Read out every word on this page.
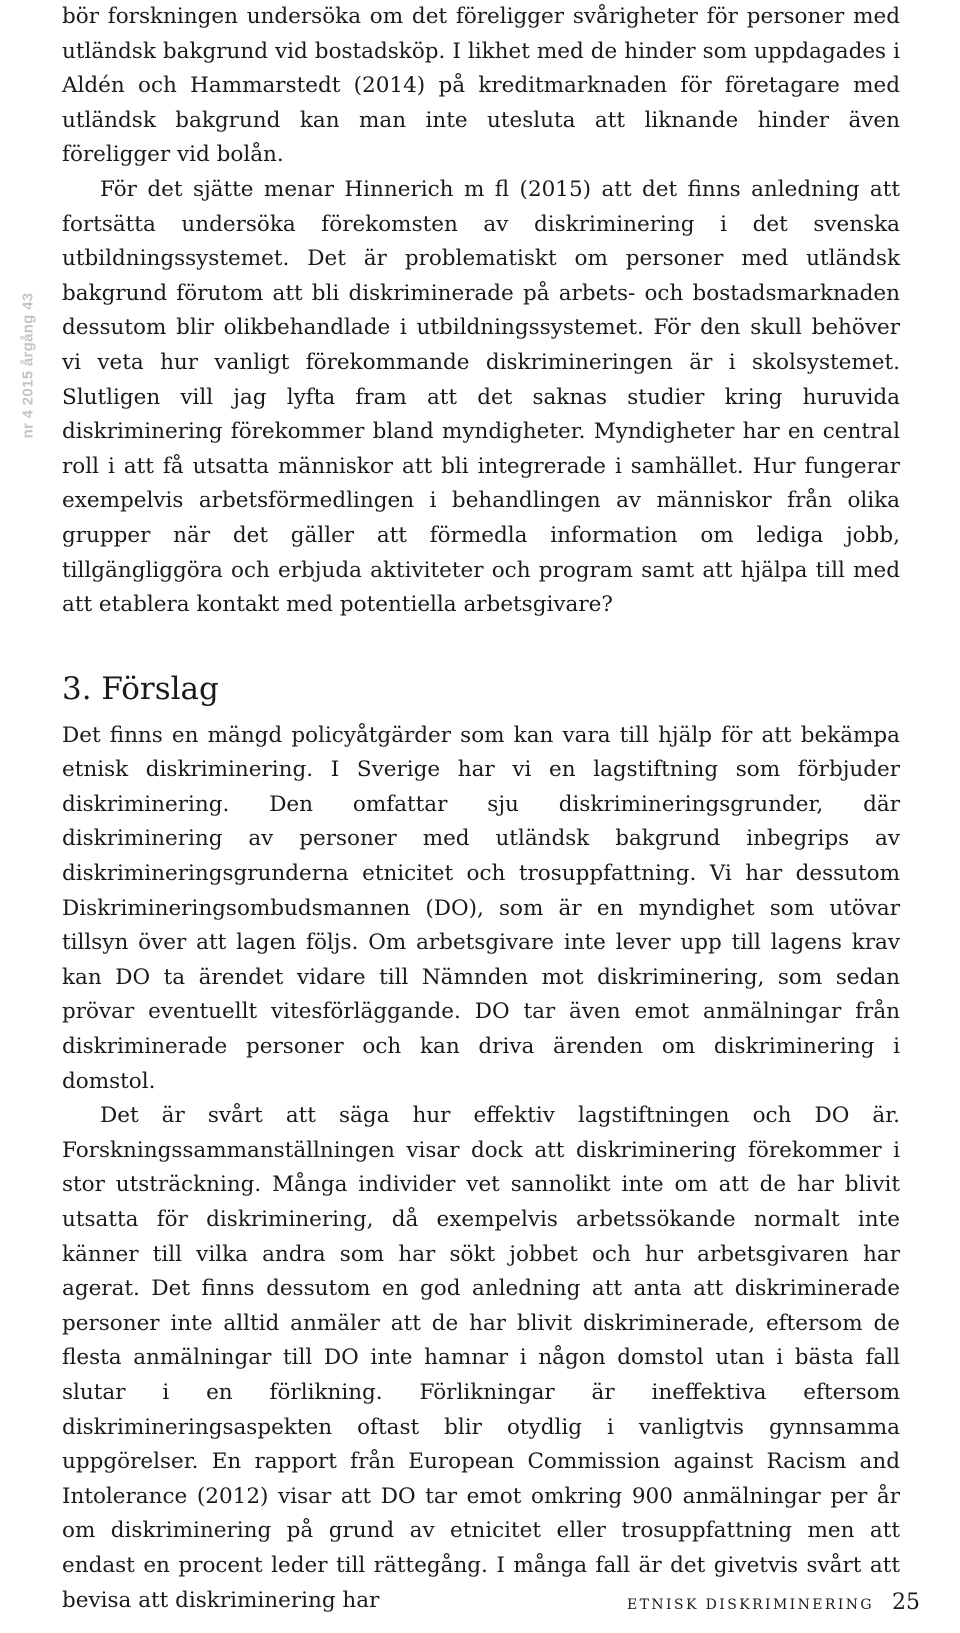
nr 4 2015 årgång 43

bör forskningen undersöka om det föreligger svårigheter för personer med utländsk bakgrund vid bostadsköp. I likhet med de hinder som uppdagades i Aldén och Hammarstedt (2014) på kreditmarknaden för företagare med utländsk bakgrund kan man inte utesluta att liknande hinder även föreligger vid bolån.

För det sjätte menar Hinnerich m fl (2015) att det finns anledning att fortsätta undersöka förekomsten av diskriminering i det svenska utbildningssystemet. Det är problematiskt om personer med utländsk bakgrund förutom att bli diskriminerade på arbets- och bostadsmarknaden dessutom blir olikbehandlade i utbildningssystemet. För den skull behöver vi veta hur vanligt förekommande diskrimineringen är i skolsystemet. Slutligen vill jag lyfta fram att det saknas studier kring huruvida diskriminering förekommer bland myndigheter. Myndigheter har en central roll i att få utsatta människor att bli integrerade i samhället. Hur fungerar exempelvis arbetsförmedlingen i behandlingen av människor från olika grupper när det gäller att förmedla information om lediga jobb, tillgängliggöra och erbjuda aktiviteter och program samt att hjälpa till med att etablera kontakt med potentiella arbetsgivare?

3. Förslag

Det finns en mängd policyåtgärder som kan vara till hjälp för att bekämpa etnisk diskriminering. I Sverige har vi en lagstiftning som förbjuder diskriminering. Den omfattar sju diskrimineringsgrunder, där diskriminering av personer med utländsk bakgrund inbegrips av diskrimineringsgrunderna etnicitet och trosuppfattning. Vi har dessutom Diskrimineringsombudsmannen (DO), som är en myndighet som utövar tillsyn över att lagen följs. Om arbetsgivare inte lever upp till lagens krav kan DO ta ärendet vidare till Nämnden mot diskriminering, som sedan prövar eventuellt vitesförläggande. DO tar även emot anmälningar från diskriminerade personer och kan driva ärenden om diskriminering i domstol.

Det är svårt att säga hur effektiv lagstiftningen och DO är. Forskningssammanställningen visar dock att diskriminering förekommer i stor utsträckning. Många individer vet sannolikt inte om att de har blivit utsatta för diskriminering, då exempelvis arbetssökande normalt inte känner till vilka andra som har sökt jobbet och hur arbetsgivaren har agerat. Det finns dessutom en god anledning att anta att diskriminerade personer inte alltid anmäler att de har blivit diskriminerade, eftersom de flesta anmälningar till DO inte hamnar i någon domstol utan i bästa fall slutar i en förlikning. Förlikningar är ineffektiva eftersom diskrimineringsaspekten oftast blir otydlig i vanligtvis gynnsamma uppgörelser. En rapport från European Commission against Racism and Intolerance (2012) visar att DO tar emot omkring 900 anmälningar per år om diskriminering på grund av etnicitet eller trosuppfattning men att endast en procent leder till rättegång. I många fall är det givetvis svårt att bevisa att diskriminering har	ETNISK DISKRIMINERING 25
